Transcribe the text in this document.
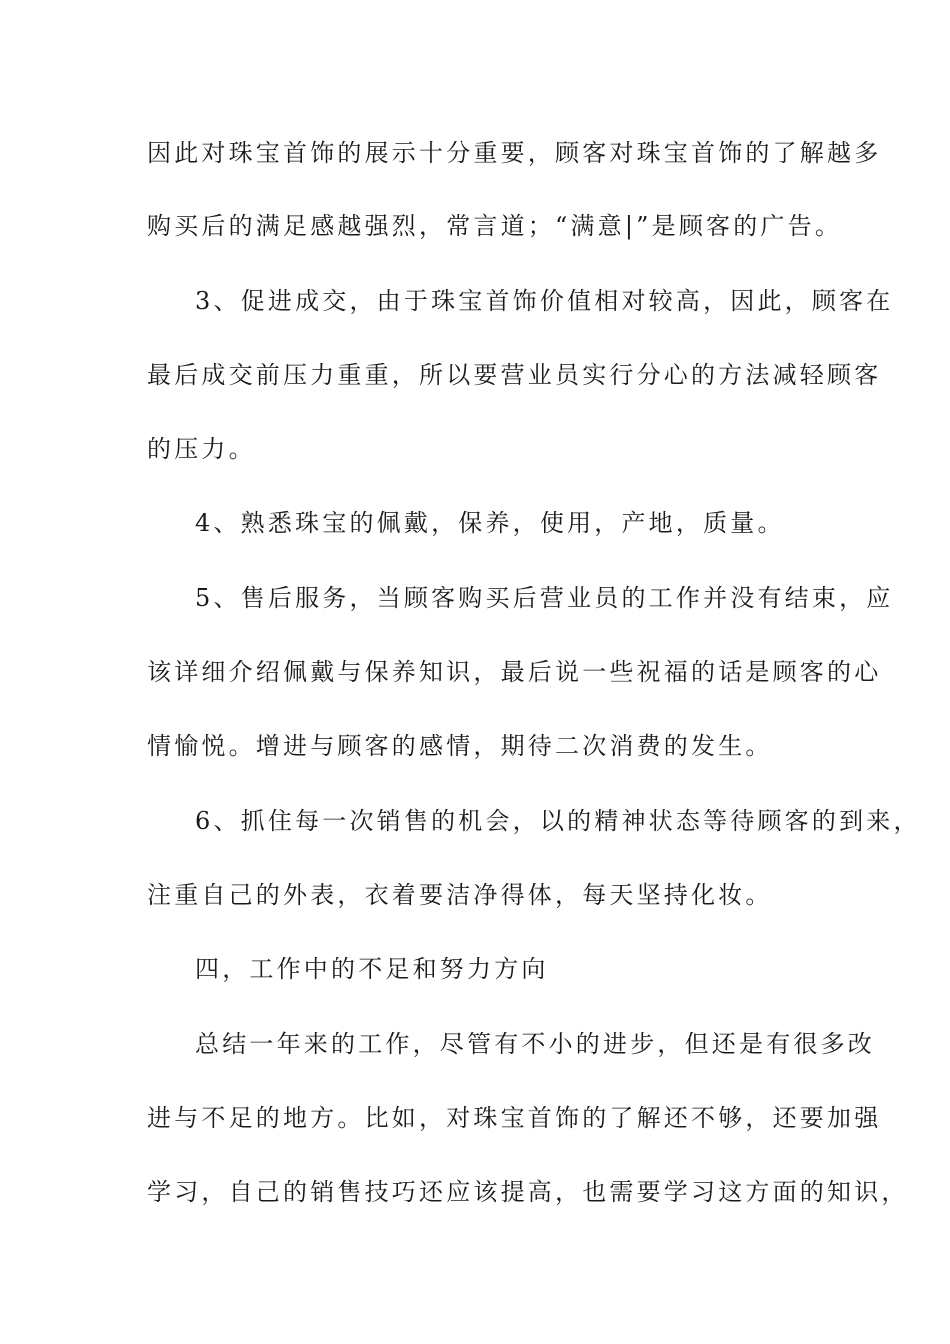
因此对珠宝首饰的展示十分重要，顾客对珠宝首饰的了解越多
购买后的满足感越强烈，常言道；“满意|”是顾客的广告。
3、促进成交，由于珠宝首饰价值相对较高，因此，顾客在
最后成交前压力重重，所以要营业员实行分心的方法减轻顾客
的压力。
4、熟悉珠宝的佩戴，保养，使用，产地，质量。
5、售后服务，当顾客购买后营业员的工作并没有结束，应
该详细介绍佩戴与保养知识，最后说一些祝福的话是顾客的心
情愉悦。增进与顾客的感情，期待二次消费的发生。
6、抓住每一次销售的机会，以的精神状态等待顾客的到来，
注重自己的外表，衣着要洁净得体，每天坚持化妆。
四，工作中的不足和努力方向
总结一年来的工作，尽管有不小的进步，但还是有很多改
进与不足的地方。比如，对珠宝首饰的了解还不够，还要加强
学习，自己的销售技巧还应该提高，也需要学习这方面的知识，
